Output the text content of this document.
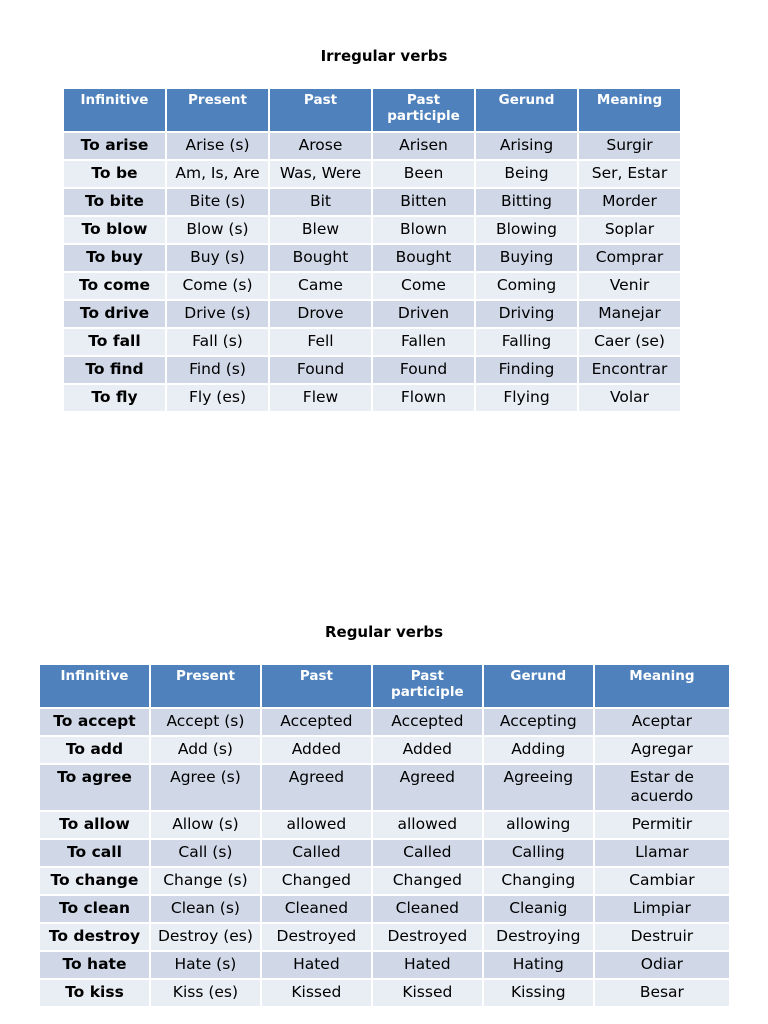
Irregular verbs
Infinitive	Present	Past	Past participle	Gerund	Meaning
To arise	Arise (s)	Arose	Arisen	Arising	Surgir
To be	Am, Is, Are	Was, Were	Been	Being	Ser, Estar
To bite	Bite (s)	Bit	Bitten	Bitting	Morder
To blow	Blow (s)	Blew	Blown	Blowing	Soplar
To buy	Buy (s)	Bought	Bought	Buying	Comprar
To come	Come (s)	Came	Come	Coming	Venir
To drive	Drive (s)	Drove	Driven	Driving	Manejar
To fall	Fall (s)	Fell	Fallen	Falling	Caer (se)
To find	Find (s)	Found	Found	Finding	Encontrar
To fly	Fly (es)	Flew	Flown	Flying	Volar
Regular verbs
Infinitive	Present	Past	Past participle	Gerund	Meaning
To accept	Accept (s)	Accepted	Accepted	Accepting	Aceptar
To add	Add (s)	Added	Added	Adding	Agregar
To agree	Agree (s)	Agreed	Agreed	Agreeing	Estar de acuerdo
To allow	Allow (s)	allowed	allowed	allowing	Permitir
To call	Call (s)	Called	Called	Calling	Llamar
To change	Change (s)	Changed	Changed	Changing	Cambiar
To clean	Clean (s)	Cleaned	Cleaned	Cleanig	Limpiar
To destroy	Destroy (es)	Destroyed	Destroyed	Destroying	Destruir
To hate	Hate (s)	Hated	Hated	Hating	Odiar
To kiss	Kiss (es)	Kissed	Kissed	Kissing	Besar
